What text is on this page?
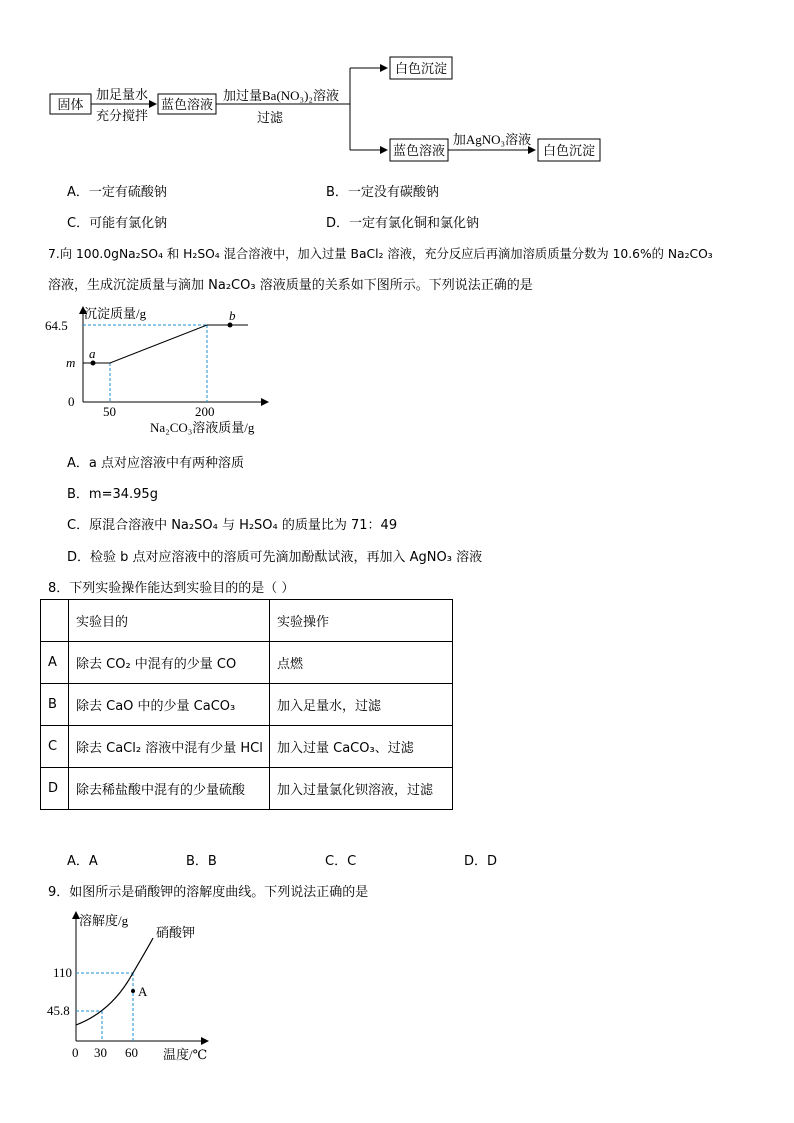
固体
加足量水
充分搅拌
蓝色溶液
加过量Ba(NO₃)₂溶液
过滤
白色沉淀
蓝色溶液
加AgNO₃溶液
白色沉淀
A．一定有硫酸钠	B．一定没有碳酸钠
C．可能有氯化钠	D．一定有氯化铜和氯化钠
7.向 100.0gNa₂SO₄ 和 H₂SO₄ 混合溶液中，加入过量 BaCl₂ 溶液，充分反应后再滴加溶质质量分数为 10.6%的 Na₂CO₃
溶液，生成沉淀质量与滴加 Na₂CO₃ 溶液质量的关系如下图所示。下列说法正确的是
沉淀质量/g
Na₂CO₃溶液质量/g
64.5
m
0
50	200
a
b
A．a 点对应溶液中有两种溶质
B．m=34.95g
C．原混合溶液中 Na₂SO₄ 与 H₂SO₄ 的质量比为 71：49
D．检验 b 点对应溶液中的溶质可先滴加酚酞试液，再加入 AgNO₃ 溶液
8．下列实验操作能达到实验目的的是（ ）
	实验目的	实验操作
A	除去 CO₂ 中混有的少量 CO	点燃
B	除去 CaO 中的少量 CaCO₃	加入足量水，过滤
C	除去 CaCl₂ 溶液中混有少量 HCl	加入过量 CaCO₃、过滤
D	除去稀盐酸中混有的少量硫酸	加入过量氯化钡溶液，过滤
A．A	B．B	C．C	D．D
9．如图所示是硝酸钾的溶解度曲线。下列说法正确的是
溶解度/g
温度/℃
硝酸钾
110
45.8
0 30 60
A
